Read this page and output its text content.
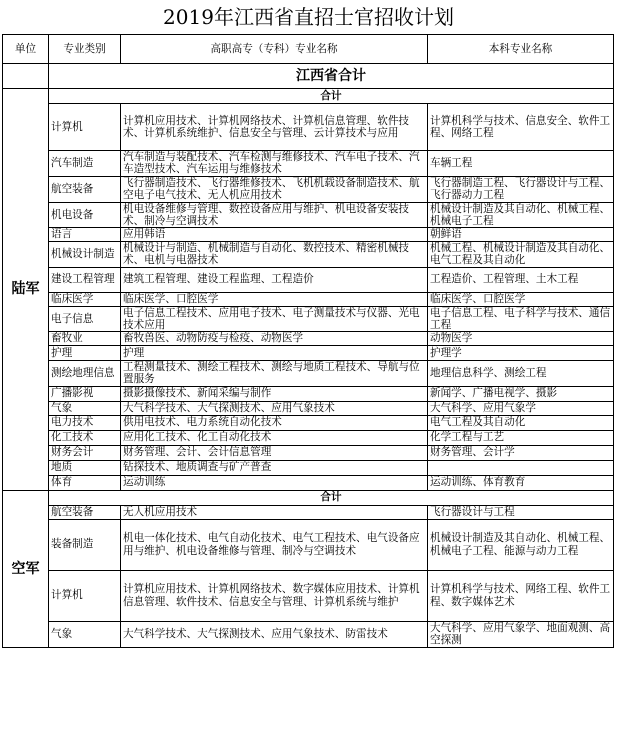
2019年江西省直招士官招收计划
单位	专业类别	高职高专（专科）专业名称	本科专业名称
	江西省合计		
陆军	合计		
	计算机	计算机应用技术、计算机网络技术、计算机信息管理、软件技术、计算机系统维护、信息安全与管理、云计算技术与应用	计算机科学与技术、信息安全、软件工程、网络工程
	汽车制造	汽车制造与装配技术、汽车检测与维修技术、汽车电子技术、汽车造型技术、汽车运用与维修技术	车辆工程
	航空装备	飞行器制造技术、飞行器维修技术、飞机机载设备制造技术、航空电子电气技术、无人机应用技术	飞行器制造工程、飞行器设计与工程、飞行器动力工程
	机电设备	机电设备维修与管理、数控设备应用与维护、机电设备安装技术、制冷与空调技术	机械设计制造及其自动化、机械工程、机械电子工程
	语言	应用韩语	朝鲜语
	机械设计制造	机械设计与制造、机械制造与自动化、数控技术、精密机械技术、电机与电器技术	机械工程、机械设计制造及其自动化、电气工程及其自动化
	建设工程管理	建筑工程管理、建设工程监理、工程造价	工程造价、工程管理、土木工程
	临床医学	临床医学、口腔医学	临床医学、口腔医学
	电子信息	电子信息工程技术、应用电子技术、电子测量技术与仪器、光电技术应用	电子信息工程、电子科学与技术、通信工程
	畜牧业	畜牧兽医、动物防疫与检疫、动物医学	动物医学
	护理	护理	护理学
	测绘地理信息	工程测量技术、测绘工程技术、测绘与地质工程技术、导航与位置服务	地理信息科学、测绘工程
	广播影视	摄影摄像技术、新闻采编与制作	新闻学、广播电视学、摄影
	气象	大气科学技术、大气探测技术、应用气象技术	大气科学、应用气象学
	电力技术	供用电技术、电力系统自动化技术	电气工程及其自动化
	化工技术	应用化工技术、化工自动化技术	化学工程与工艺
	财务会计	财务管理、会计、会计信息管理	财务管理、会计学
	地质	钻探技术、地质调查与矿产普查	
	体育	运动训练	运动训练、体育教育
空军	合计		
	航空装备	无人机应用技术	飞行器设计与工程
	装备制造	机电一体化技术、电气自动化技术、电气工程技术、电气设备应用与维护、机电设备维修与管理、制冷与空调技术	机械设计制造及其自动化、机械工程、机械电子工程、能源与动力工程
	计算机	计算机应用技术、计算机网络技术、数字媒体应用技术、计算机信息管理、软件技术、信息安全与管理、计算机系统与维护	计算机科学与技术、网络工程、软件工程、数字媒体艺术
	气象	大气科学技术、大气探测技术、应用气象技术、防雷技术	大气科学、应用气象学、地面观测、高空探测
